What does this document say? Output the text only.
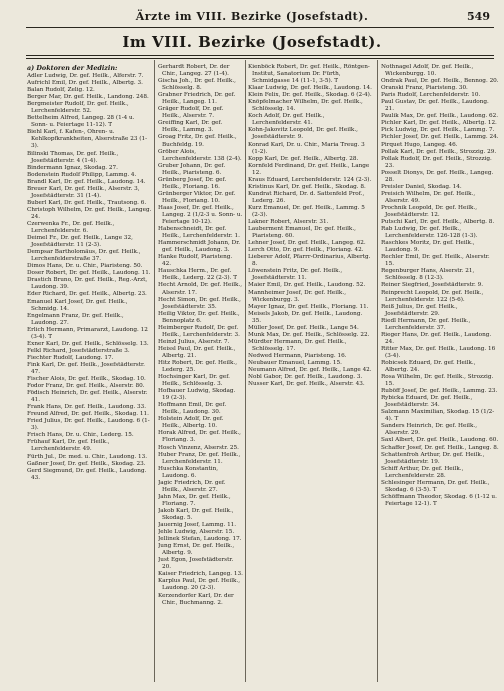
Ärzte im VIII. Bezirke (Josefstadt).	549
Im VIII. Bezirke (Josefstadt).
a) Doktoren der Medizin:
Adler Ludwig, Dr. gef. Heilk., Alferstr. 7.
Aufrichl Emil, Dr. gef. Heilk., Albertg. 3.
Balan Rudolf, Zelig. 12.
Berger Mar, Dr. gef. Heilk., Landong. 248.
Bergmeister Rudolf, Dr. gef. Heilk., Lerchenfelderstr. 52.
Bettelheim Alfred, Langeg. 28 (1-4 u. Sonn- u. Feiertage 11-12). T
Biehl Karl, f. Kafen-, Ohren- u. Kehlkopfkrankheiten, Alserstraße 23 (1-3).
Bilinski Thomas, Dr. gef. Heilk., Josefstädterstr. 4 (1-4).
Bindermann Ignaz, Skodag. 27.
Bodenstein Rudolf Philipp, Lammg. 4.
Brandl Karl, Dr. gef. Heilk., Laudong. 14.
Breuer Karl, Dr. gef. Heilk., Alserstr. 3, Josefstädterstr. 31 (1-4).
Buberl Karl, Dr. gef. Heilk., Trautsong. 6.
Christoph Wilhelm, Dr. gef. Heilk., Langeg. 24.
Czerwenka Fr., Dr. gef. Heilk., Lerchenfelderstr. 6.
Deimel Fr., Dr. gef. Heilk., Lange 32, Josefstädterstr. 11 (2-3).
Dempsar Bartholomäus, Dr. gef. Heilk., Lerchenfelderstraße 37.
Dimos Hans, Dr. u. Chir., Piaristeng. 50.
Doser Robert, Dr. gef. Heilk., Laudong. 11.
Drastich Bruno, Dr. gef. Heilk., Reg.-Arzt, Laudong. 39.
Eder Richard, Dr. gef. Heilk., Albertg. 23.
Emanuel Karl Josef, Dr. gef. Heilk., Schmidg. 14.
Engelmann Franz, Dr. gef. Heilk., Laudong. 27.
Erlich Hermann, Primararzt, Laudong. 12 (3-4). T
Exner Karl, Dr. gef. Heilk., Schlösselg. 13.
Felkl Richard, Josefstädterstraße 3.
Fiechter Rudolf, Laudong. 17.
Fink Karl, Dr. gef. Heilk., Josefstädterstr. 47.
Fischer Alois, Dr. gef. Heilk., Skodag. 10.
Fodor Franz, Dr. gef. Heilk., Alserstr. 80.
Födisch Heinrich, Dr. gef. Heilk., Alserstr. 41.
Frank Hans, Dr. gef. Heilk., Laudong. 33.
Freund Alfred, Dr. gef. Heilk., Skodag. 11.
Fried Julius, Dr. gef. Heilk., Laudong. 6 (1-3).
Frisch Hans, Dr. u. Chir., Lederg. 15.
Frühauf Karl, Dr. gef. Heilk., Lerchenfelderstr. 49.
Fürth Jul., Dr. med. u. Chir., Laudong. 13.
Gaßner Josef, Dr. gef. Heilk., Skodag. 23.
Gerd Siegmund, Dr. gef. Heilk., Laudong. 43.
Gerhardt Robert, Dr. der Chir., Langeg. 27 (1-4).
Gischa Joh., Dr. gef. Heilk., Schlösselg. 8.
Grabner Friedrich, Dr. gef. Heilk., Langeg. 11.
Gräger Rudolf, Dr. gef. Heilk., Alserstr. 7.
Greiffing Karl, Dr. gef. Heilk., Lammg. 3.
Groag Fritz, Dr. gef. Heilk., Buchfeldg. 19.
Gröber Alois, Lerchenfelderstr. 138 (2-4).
Gruber Johann, Dr. gef. Heilk., Piaristeng. 6.
Grünberg Josef, Dr. gef. Heilk., Floriang. 16.
Grünberger Viktor, Dr. gef. Heilk., Floriang. 10.
Haas Josef, Dr. gef. Heilk., Langeg. 2 (1/2-3 u. Sonn- u. Feiertage 10-12).
Habenschneidt, Dr. gef. Heilk., Lerchenfelderstr. 1.
Hammerschmidt Johann, Dr. gef. Heilk., Laudong. 3.
Hanke Rudolf, Piaristeng. 42.
Hauschka Herm., Dr. gef. Heilk., Lederg. 22 (2-3). T
Hecht Arnold, Dr. gef. Heilk., Alserstr. 17.
Hecht Simon, Dr. gef. Heilk., Josefstädterstr. 35.
Heilig Viktor, Dr. gef. Heilk., Bennoplatz 6.
Heimberger Rudolf, Dr. gef. Heilk., Lerchenfelderstr. 3.
Heinzl Julius, Alserstr. 7.
Heissl Paul, Dr. gef. Heilk., Albertg. 21.
Hitz Robert, Dr. gef. Heilk., Lederg. 25.
Hochsinger Karl, Dr. gef. Heilk., Schlösselg. 3.
Hofbauer Ludwig, Skodag. 19 (2-3).
Hoffmann Emil, Dr. gef. Heilk., Laudong. 30.
Holstein Adolf, Dr. gef. Heilk., Albertg. 10.
Horak Alfred, Dr. gef. Heilk., Floriang. 3.
Hosch Vinzenz, Alserstr. 25.
Huber Franz, Dr. gef. Heilk., Lerchenfelderstr. 11.
Huschka Konstantin, Laudong. 6.
Jagic Friedrich, Dr. gef. Heilk., Alserstr. 27.
Jahn Max, Dr. gef. Heilk., Floriang. 7.
Jakob Karl, Dr. gef. Heilk., Skodag. 5.
Jauernig Josef, Lammg. 11.
Jehle Ludwig, Alserstr. 15.
Jellinek Stefan, Laudong. 17.
Jung Ernst, Dr. gef. Heilk., Albertg. 9.
Just Egon, Josefstädterstr. 20.
Kaiser Friedrich, Langeg. 13.
Karplus Paul, Dr. gef. Heilk., Laudong. 20 (2-3).
Kerzendorfer Karl, Dr. der Chir., Buchmanng. 2.
Kienböck Robert, Dr. gef. Heilk., Röntgen-Institut, Sanatorium Dr. Fürth, Schmidgasse 14 (11-1, 3-5). T
Klaar Ludwig, Dr. gef. Heilk., Laudong. 14.
Klein Felix, Dr. gef. Heilk., Skodag. 6 (2-4).
Knöpfelmacher Wilhelm, Dr. gef. Heilk., Schlösselg. 14.
Koch Adolf, Dr. gef. Heilk., Lerchenfelderstr. 41.
Kohn-Jakovitz Leopold, Dr. gef. Heilk., Josefstädterstr. 9.
Konrad Karl, Dr. u. Chir., Maria Treug. 3 (1-2).
Kopp Karl, Dr. gef. Heilk., Albertg. 28.
Kornfeld Ferdinand, Dr. gef. Heilk., Lange 12.
Kraus Eduard, Lerchenfelderstr. 124 (2-3).
Kristinus Karl, Dr. gef. Heilk., Skodag. 8.
Kundrat Richard, Dr. d. Sattenfeld Prof., Lederg. 26.
Kurz Emanuel, Dr. gef. Heilk., Lammg. 5 (2-3).
Lakner Robert, Alserstr. 31.
Lauberment Emanuel, Dr. gef. Heilk., Piaristeng. 60.
Lehner Josef, Dr. gef. Heilk., Langeg. 62.
Lerch Otto, Dr. gef. Heilk., Floriang. 42.
Lieberer Adolf, Pfarrr-Ordinarius, Albertg. 8.
Löwenstein Fritz, Dr. gef. Heilk., Josefstädterstr. 11.
Maier Emil, Dr. gef. Heilk., Laudong. 52.
Mannheimer Josef, Dr. gef. Heilk., Wickenburgg. 3.
Mayer Ignaz, Dr. gef. Heilk., Floriang. 11.
Meisels Jakob, Dr. gef. Heilk., Laudong. 35.
Müller Josef, Dr. gef. Heilk., Lange 54.
Munk Max, Dr. gef. Heilk., Schlösselg. 22.
Mürdter Hermann, Dr. gef. Heilk., Schlösselg. 17.
Nedwed Hermann, Piaristeng. 16.
Neubauer Emanuel, Lammg. 15.
Neumann Alfred, Dr. gef. Heilk., Lange 42.
Nobl Gabor, Dr. gef. Heilk., Laudong. 3.
Nusser Karl, Dr. gef. Heilk., Alserstr. 43.
Nothnagel Adolf, Dr. gef. Heilk., Wickenburgg. 10.
Ondrak Paul, Dr. gef. Heilk., Bennog. 20.
Oranski Franz, Piaristeng. 30.
Paris Rudolf, Lerchenfelderstr. 10.
Paul Gustav, Dr. gef. Heilk., Laudong. 21.
Paulik Max, Dr. gef. Heilk., Laudong. 62.
Pichler Karl, Dr. gef. Heilk., Albertg. 12.
Pick Ludwig, Dr. gef. Heilk., Lammg. 7.
Pichler Josef, Dr. gef. Heilk., Lammg. 24.
Pirquet Hugo, Langeg. 46.
Pollak Karl, Dr. gef. Heilk., Strozzig. 29.
Pollak Rudolf, Dr. gef. Heilk., Strozzig. 23.
Posselt Dionys, Dr. gef. Heilk., Langeg. 28.
Preisler Daniel, Skodag. 14.
Preisich Wilhelm, Dr. gef. Heilk., Alserstr. 49.
Prochnik Leopold, Dr. gef. Heilk., Josefstädterstr. 12.
Putschi Karl, Dr. gef. Heilk., Albertg. 8.
Rab Ludwig, Dr. gef. Heilk., Lerchenfelderstr. 126-128 (1-3).
Raschkes Moritz, Dr. gef. Heilk., Laudong. 9.
Rechler Emil, Dr. gef. Heilk., Alserstr. 15.
Regenburger Hans, Alserstr. 21, Schlösselg. 8 (12-3).
Reiner Siegfried, Josefstädterstr. 9.
Reinprecht Leopold, Dr. gef. Heilk., Lerchenfelderstr. 122 (5-6).
Reiß Julius, Dr. gef. Heilk., Josefstädterstr. 29.
Riedl Hermann, Dr. gef. Heilk., Lerchenfelderstr. 37.
Rieger Hans, Dr. gef. Heilk., Laudong. 24.
Ritter Max, Dr. gef. Heilk., Laudong. 16 (3-4).
Robicsek Eduard, Dr. gef. Heilk., Albertg. 24.
Rosa Wilhelm, Dr. gef. Heilk., Strozzig. 15.
Ruböff Josef, Dr. gef. Heilk., Lammg. 23.
Rybicka Eduard, Dr. gef. Heilk., Josefstädterstr. 34.
Salzmann Maximilian, Skodag. 15 (1/2-4). T
Sanders Heinrich, Dr. gef. Heilk., Alserstr. 29.
Saxl Albert, Dr. gef. Heilk., Laudong. 60.
Schaffer Josef, Dr. gef. Heilk., Langeg. 8.
Schattenfroh Arthur, Dr. gef. Heilk., Josefstädterstr. 19.
Schiff Arthur, Dr. gef. Heilk., Lerchenfelderstr. 28.
Schlesinger Hermann, Dr. gef. Heilk., Skodag. 6 (3-5). T
Schöffmann Theodor, Skodag. 6 (1-12 u. Feiertage 12-1). T
